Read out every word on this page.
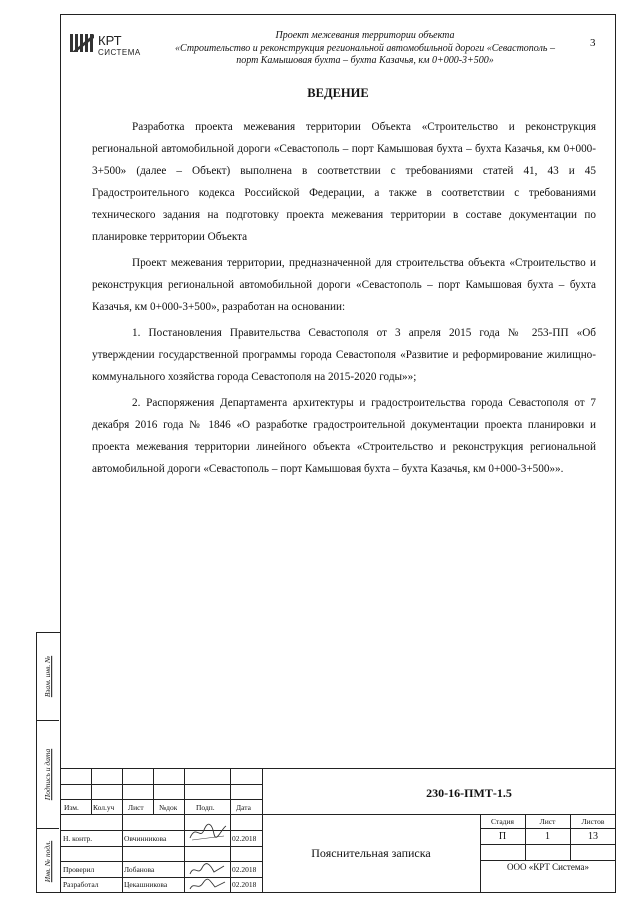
Взам. инв. №
Подпись и дата
Инв. № подл.
КРТ
СИСТЕМА
Проект межевания территории объекта
«Строительство и реконструкция региональной автомобильной дороги «Севастополь –
порт Камышовая бухта – бухта Казачья, км 0+000-3+500»
3
ВЕДЕНИЕ

Разработка проекта межевания территории Объекта «Строительство и реконструкция региональной автомобильной дороги «Севастополь – порт Камышовая бухта – бухта Казачья, км 0+000-3+500» (далее – Объект) выполнена в соответствии с требованиями статей 41, 43 и 45 Градостроительного кодекса Российской Федерации, а также в соответствии с требованиями технического задания на подготовку проекта межевания территории в составе документации по планировке территории Объекта

Проект межевания территории, предназначенной для строительства объекта «Строительство и реконструкция региональной автомобильной дороги «Севастополь – порт Камышовая бухта – бухта Казачья, км 0+000-3+500», разработан на основании:

1. Постановления Правительства Севастополя от 3 апреля 2015 года № 253-ПП «Об утверждении государственной программы города Севастополя «Развитие и реформирование жилищно-коммунального хозяйства города Севастополя на 2015-2020 годы»»;

2. Распоряжения Департамента архитектуры и градостроительства города Севастополя от 7 декабря 2016 года № 1846 «О разработке градостроительной документации проекта планировки и проекта межевания территории линейного объекта «Строительство и реконструкция региональной автомобильной дороги «Севастополь – порт Камышовая бухта – бухта Казачья, км 0+000-3+500»».

230-16-ПМТ-1.5
Изм. Кол.уч Лист №док Подп.	Дата
Н. контр.	Овчинникова	02.2018
Проверил	Лобанова	02.2018
Разработал	Цекашникова	02.2018
Стадия	Лист	Листов
П	1	13
Пояснительная записка
ООО «КРТ Система»
